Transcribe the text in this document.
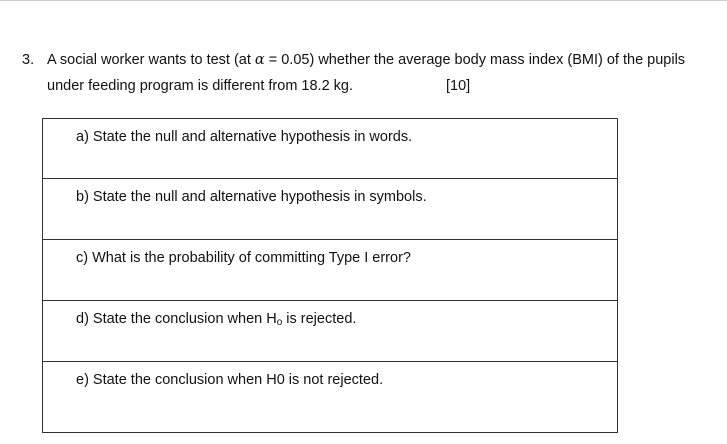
3. A social worker wants to test (at α = 0.05) whether the average body mass index (BMI) of the pupils
under feeding program is different from 18.2 kg.	[10]
a) State the null and alternative hypothesis in words.
b) State the null and alternative hypothesis in symbols.
c) What is the probability of committing Type I error?
d) State the conclusion when $H_o$ is rejected.
e) State the conclusion when H0 is not rejected.
